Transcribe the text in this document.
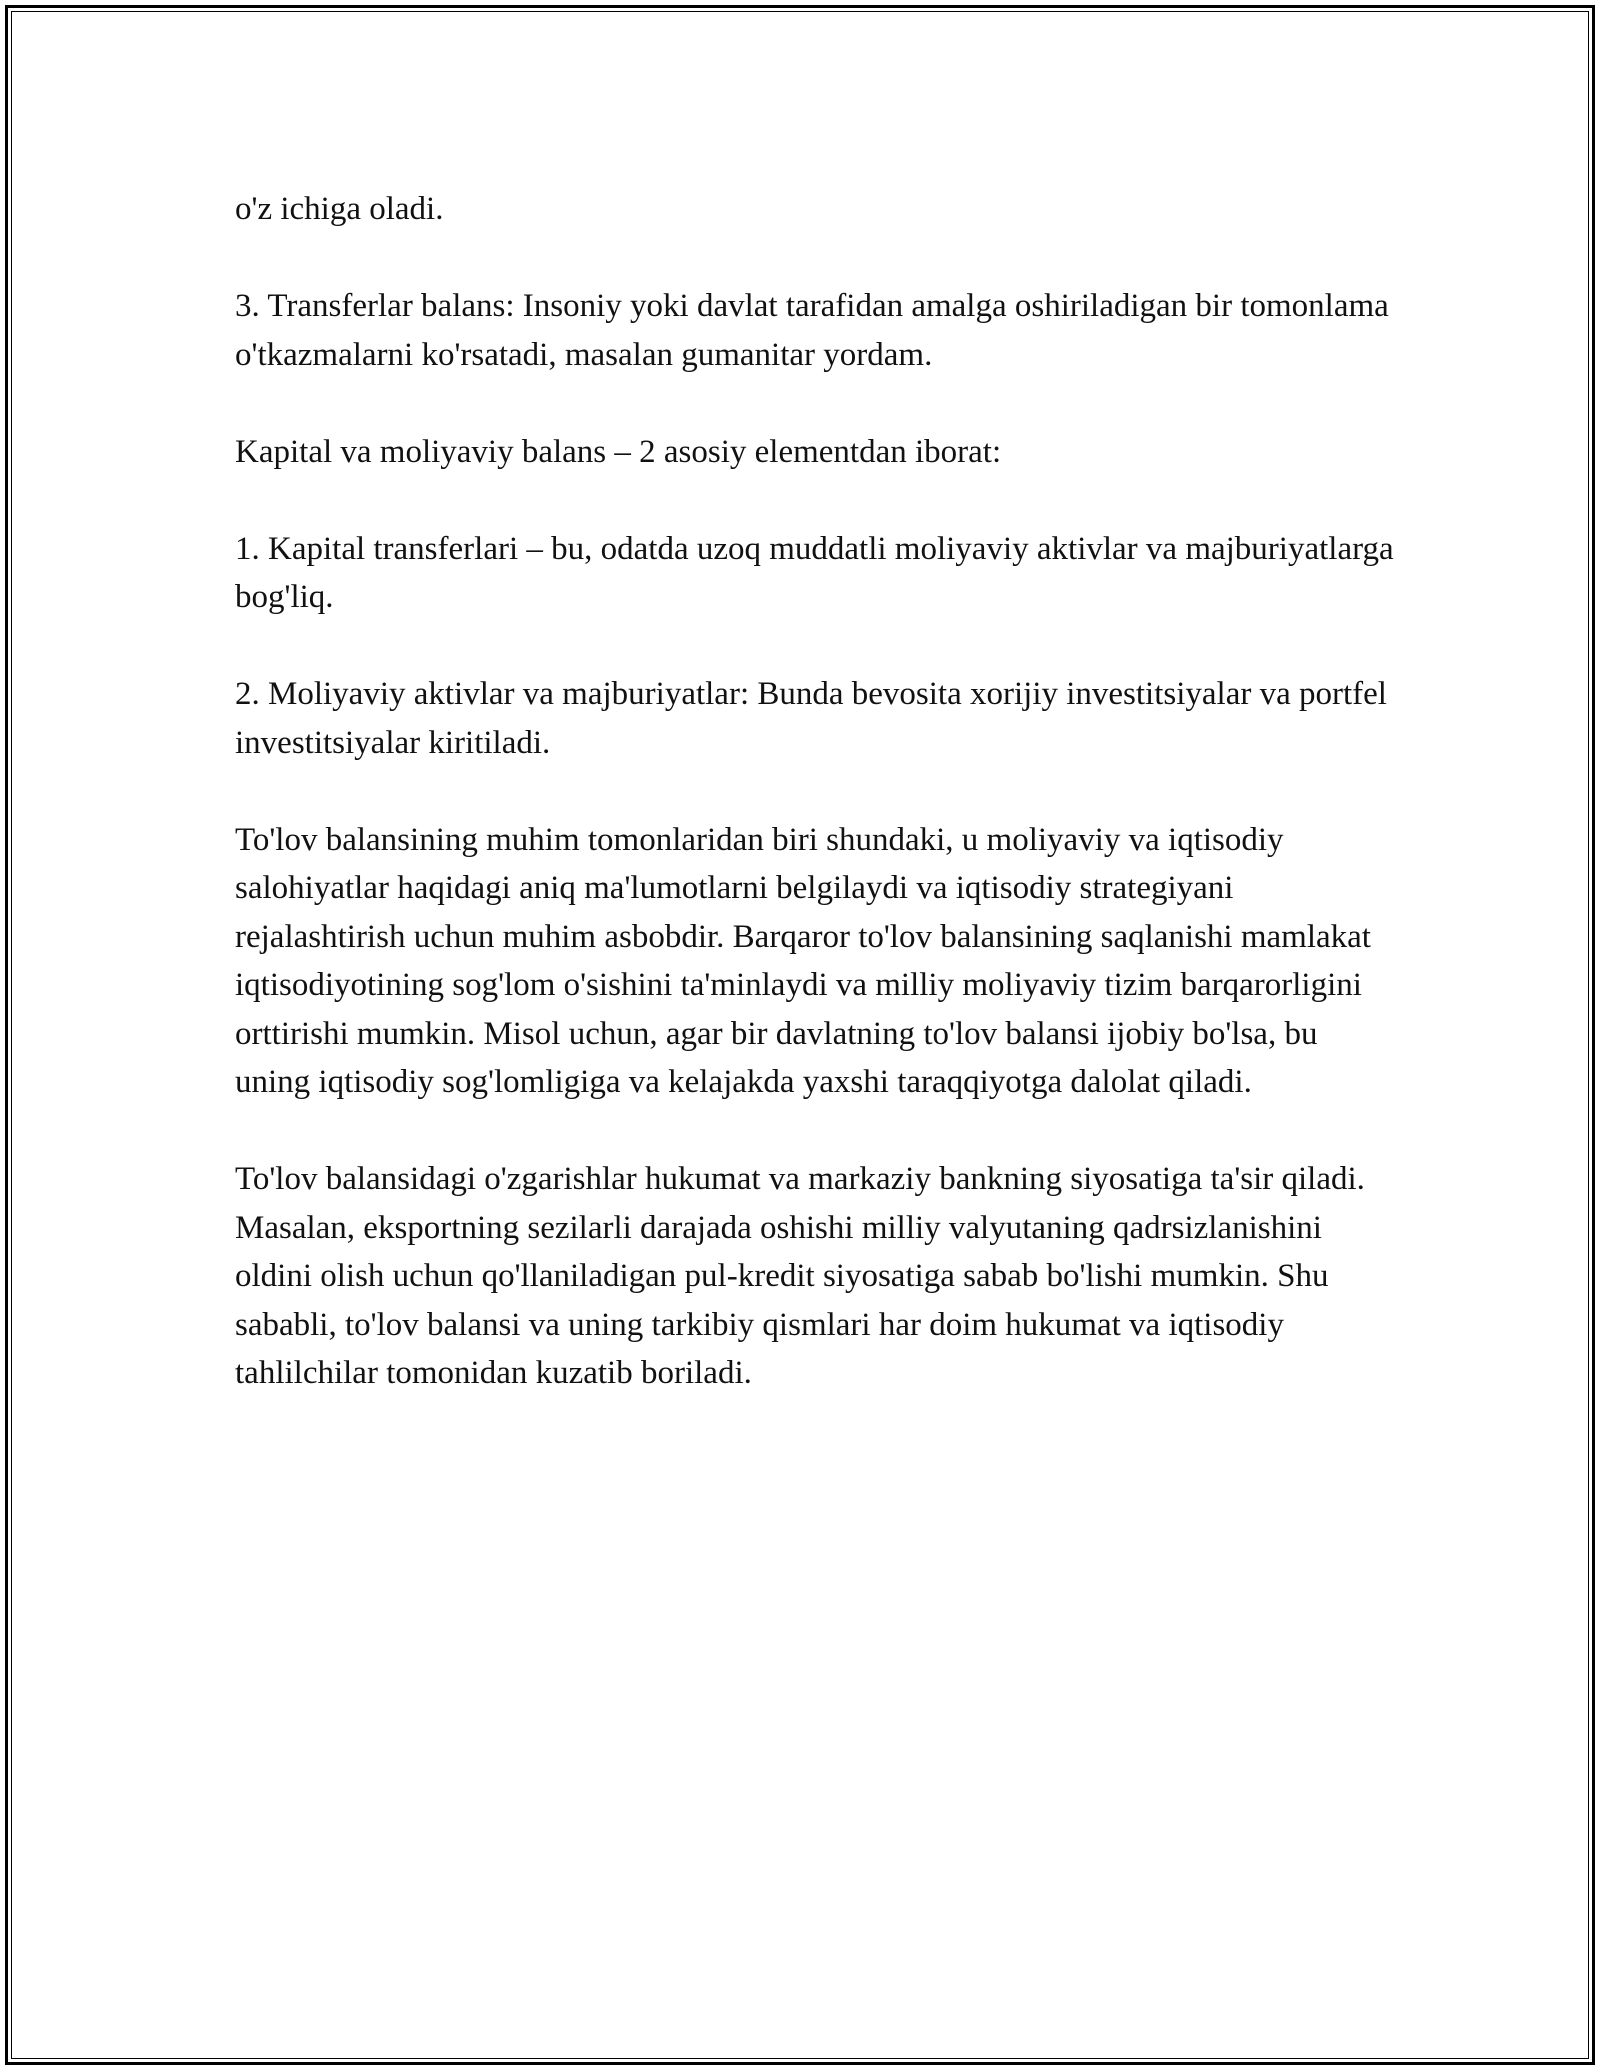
o'z ichiga oladi.

3. Transferlar balans: Insoniy yoki davlat tarafidan amalga oshiriladigan bir tomonlama o'tkazmalarni ko'rsatadi, masalan gumanitar yordam.

Kapital va moliyaviy balans – 2 asosiy elementdan iborat:

1. Kapital transferlari – bu, odatda uzoq muddatli moliyaviy aktivlar va majburiyatlarga bog'liq.

2. Moliyaviy aktivlar va majburiyatlar: Bunda bevosita xorijiy investitsiyalar va portfel investitsiyalar kiritiladi.

To'lov balansining muhim tomonlaridan biri shundaki, u moliyaviy va iqtisodiy salohiyatlar haqidagi aniq ma'lumotlarni belgilaydi va iqtisodiy strategiyani rejalashtirish uchun muhim asbobdir. Barqaror to'lov balansining saqlanishi mamlakat iqtisodiyotining sog'lom o'sishini ta'minlaydi va milliy moliyaviy tizim barqarorligini orttirishi mumkin. Misol uchun, agar bir davlatning to'lov balansi ijobiy bo'lsa, bu uning iqtisodiy sog'lomligiga va kelajakda yaxshi taraqqiyotga dalolat qiladi.

To'lov balansidagi o'zgarishlar hukumat va markaziy bankning siyosatiga ta'sir qiladi. Masalan, eksportning sezilarli darajada oshishi milliy valyutaning qadrsizlanishini oldini olish uchun qo'llaniladigan pul-kredit siyosatiga sabab bo'lishi mumkin. Shu sababli, to'lov balansi va uning tarkibiy qismlari har doim hukumat va iqtisodiy tahlilchilar tomonidan kuzatib boriladi.
